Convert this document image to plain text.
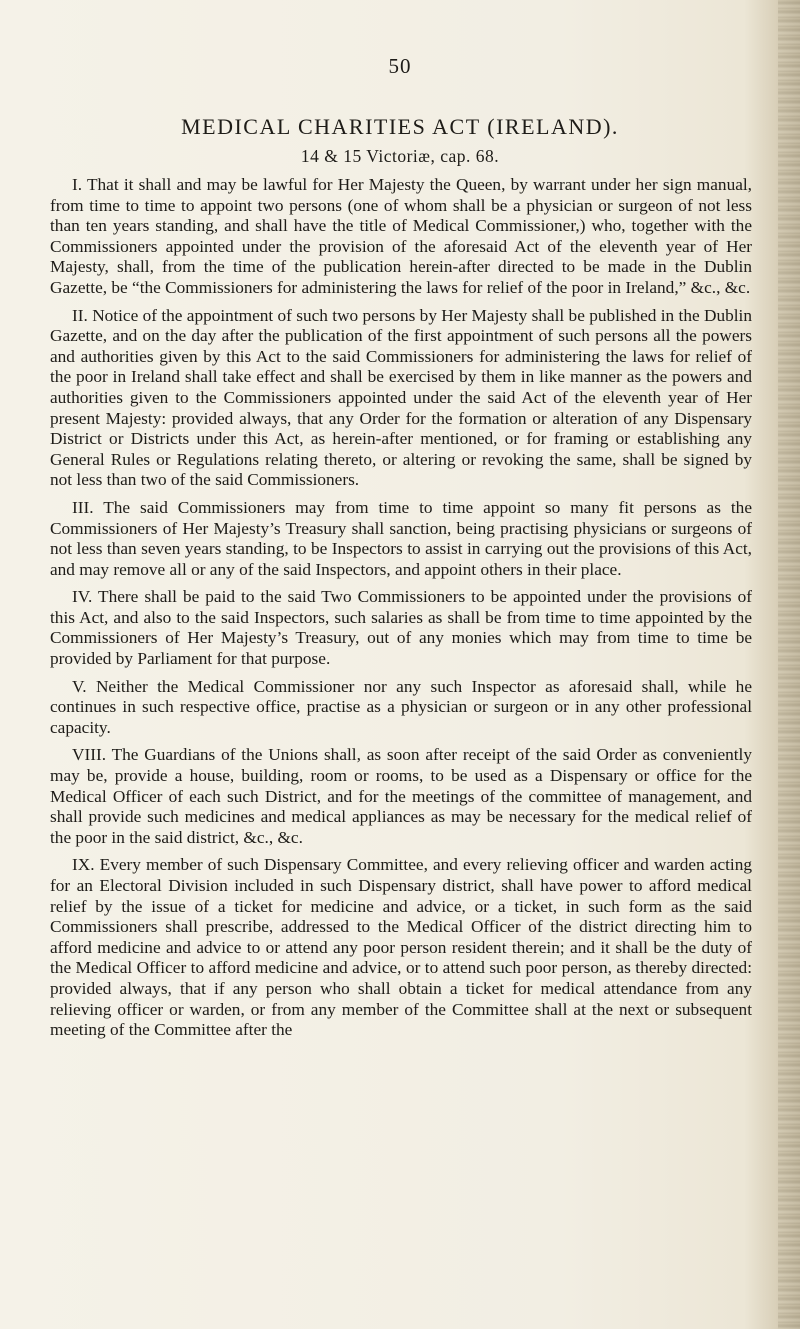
50
MEDICAL CHARITIES ACT (IRELAND).
14 & 15 Victoriæ, cap. 68.

I. That it shall and may be lawful for Her Majesty the Queen, by warrant under her sign manual, from time to time to appoint two persons (one of whom shall be a physician or surgeon of not less than ten years standing, and shall have the title of Medical Commissioner,) who, together with the Commissioners appointed under the provision of the aforesaid Act of the eleventh year of Her Majesty, shall, from the time of the publication herein-after directed to be made in the Dublin Gazette, be “the Commissioners for administering the laws for relief of the poor in Ireland,” &c., &c.

II. Notice of the appointment of such two persons by Her Majesty shall be published in the Dublin Gazette, and on the day after the publication of the first appointment of such persons all the powers and authorities given by this Act to the said Commissioners for administering the laws for relief of the poor in Ireland shall take effect and shall be exercised by them in like manner as the powers and authorities given to the Commissioners appointed under the said Act of the eleventh year of Her present Majesty: provided always, that any Order for the formation or alteration of any Dispensary District or Districts under this Act, as herein-after mentioned, or for framing or establishing any General Rules or Regulations relating thereto, or altering or revoking the same, shall be signed by not less than two of the said Commissioners.

III. The said Commissioners may from time to time appoint so many fit persons as the Commissioners of Her Majesty’s Treasury shall sanction, being practising physicians or surgeons of not less than seven years standing, to be Inspectors to assist in carrying out the provisions of this Act, and may remove all or any of the said Inspectors, and appoint others in their place.

IV. There shall be paid to the said Two Commissioners to be appointed under the provisions of this Act, and also to the said Inspectors, such salaries as shall be from time to time appointed by the Commissioners of Her Majesty’s Treasury, out of any monies which may from time to time be provided by Parliament for that purpose.

V. Neither the Medical Commissioner nor any such Inspector as aforesaid shall, while he continues in such respective office, practise as a physician or surgeon or in any other professional capacity.

VIII. The Guardians of the Unions shall, as soon after receipt of the said Order as conveniently may be, provide a house, building, room or rooms, to be used as a Dispensary or office for the Medical Officer of each such District, and for the meetings of the committee of management, and shall provide such medicines and medical appliances as may be necessary for the medical relief of the poor in the said district, &c., &c.

IX. Every member of such Dispensary Committee, and every relieving officer and warden acting for an Electoral Division included in such Dispensary district, shall have power to afford medical relief by the issue of a ticket for medicine and advice, or a ticket, in such form as the said Commissioners shall prescribe, addressed to the Medical Officer of the district directing him to afford medicine and advice to or attend any poor person resident therein; and it shall be the duty of the Medical Officer to afford medicine and advice, or to attend such poor person, as thereby directed: provided always, that if any person who shall obtain a ticket for medical attendance from any relieving officer or warden, or from any member of the Committee shall at the next or subsequent meeting of the Committee after the
